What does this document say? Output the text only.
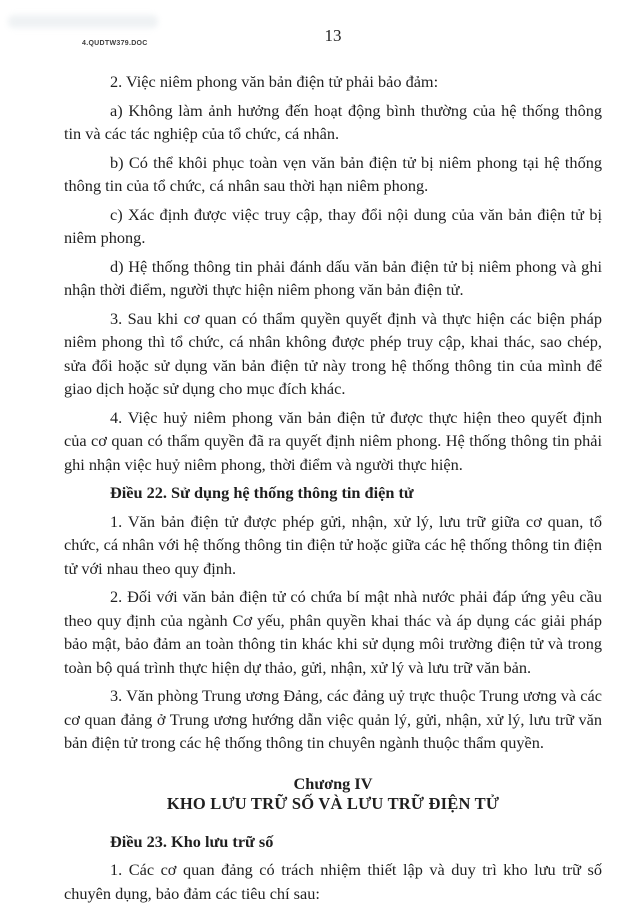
4.QUDTW379.DOC	13

2. Việc niêm phong văn bản điện tử phải bảo đảm:

a) Không làm ảnh hưởng đến hoạt động bình thường của hệ thống thông tin và các tác nghiệp của tổ chức, cá nhân.

b) Có thể khôi phục toàn vẹn văn bản điện tử bị niêm phong tại hệ thống thông tin của tổ chức, cá nhân sau thời hạn niêm phong.

c) Xác định được việc truy cập, thay đổi nội dung của văn bản điện tử bị niêm phong.

d) Hệ thống thông tin phải đánh dấu văn bản điện tử bị niêm phong và ghi nhận thời điểm, người thực hiện niêm phong văn bản điện tử.

3. Sau khi cơ quan có thẩm quyền quyết định và thực hiện các biện pháp niêm phong thì tổ chức, cá nhân không được phép truy cập, khai thác, sao chép, sửa đổi hoặc sử dụng văn bản điện tử này trong hệ thống thông tin của mình để giao dịch hoặc sử dụng cho mục đích khác.

4. Việc huỷ niêm phong văn bản điện tử được thực hiện theo quyết định của cơ quan có thẩm quyền đã ra quyết định niêm phong. Hệ thống thông tin phải ghi nhận việc huỷ niêm phong, thời điểm và người thực hiện.

Điều 22. Sử dụng hệ thống thông tin điện tử

1. Văn bản điện tử được phép gửi, nhận, xử lý, lưu trữ giữa cơ quan, tổ chức, cá nhân với hệ thống thông tin điện tử hoặc giữa các hệ thống thông tin điện tử với nhau theo quy định.

2. Đối với văn bản điện tử có chứa bí mật nhà nước phải đáp ứng yêu cầu theo quy định của ngành Cơ yếu, phân quyền khai thác và áp dụng các giải pháp bảo mật, bảo đảm an toàn thông tin khác khi sử dụng môi trường điện tử và trong toàn bộ quá trình thực hiện dự thảo, gửi, nhận, xử lý và lưu trữ văn bản.

3. Văn phòng Trung ương Đảng, các đảng uỷ trực thuộc Trung ương và các cơ quan đảng ở Trung ương hướng dẫn việc quản lý, gửi, nhận, xử lý, lưu trữ văn bản điện tử trong các hệ thống thông tin chuyên ngành thuộc thẩm quyền.

Chương IV

KHO LƯU TRỮ SỐ VÀ LƯU TRỮ ĐIỆN TỬ

Điều 23. Kho lưu trữ số

1. Các cơ quan đảng có trách nhiệm thiết lập và duy trì kho lưu trữ số chuyên dụng, bảo đảm các tiêu chí sau:
